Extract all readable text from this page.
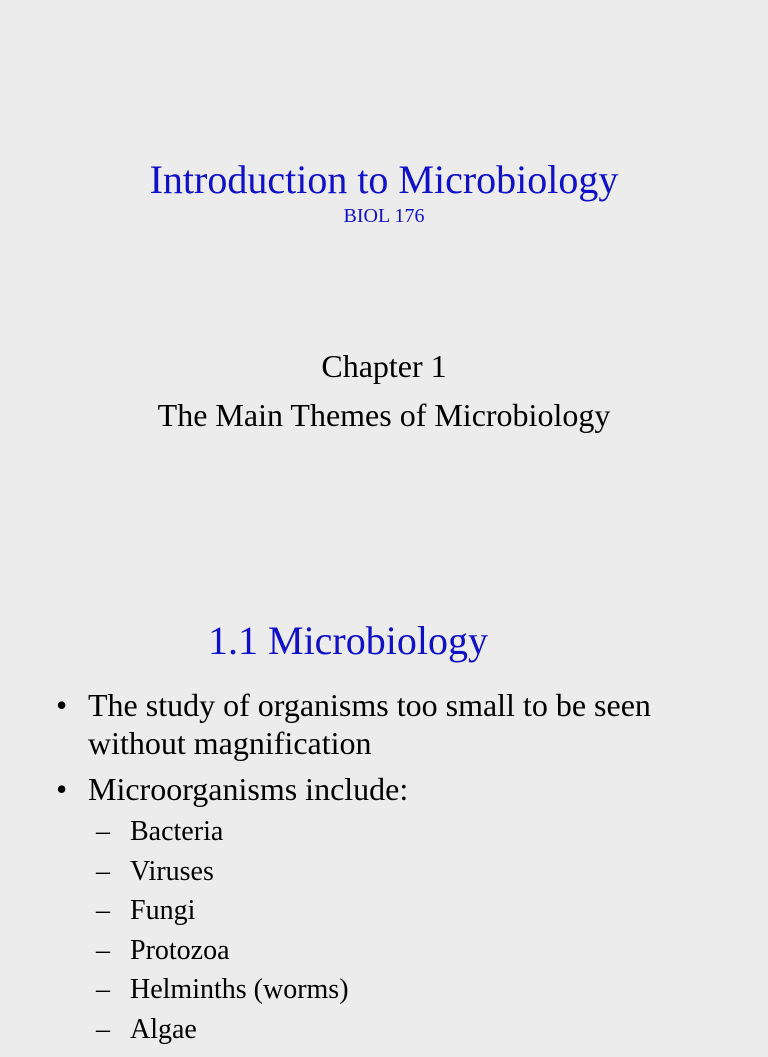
Introduction to Microbiology
BIOL 176
Chapter 1
The Main Themes of Microbiology
1.1 Microbiology
• The study of organisms too small to be seen without magnification
• Microorganisms include:
– Bacteria
– Viruses
– Fungi
– Protozoa
– Helminths (worms)
– Algae
